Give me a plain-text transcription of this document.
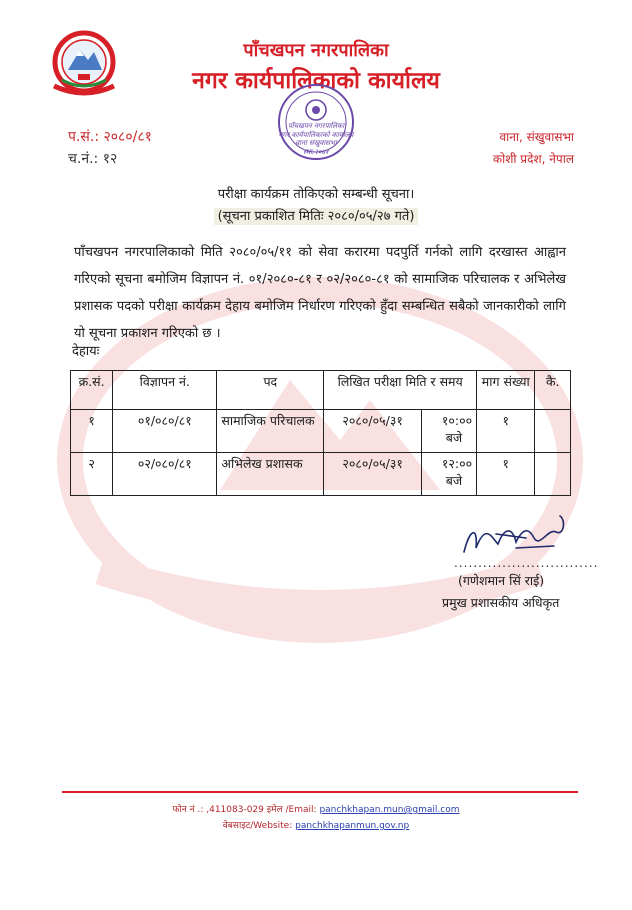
पाँचखपन नगरपालिका
नगर कार्यपालिकाको कार्यालय
पाँचखपन नगरपालिका
नगर कार्यपालिकाको कार्यालय
वाना संखुवासभा
स्था.२०७१
प.सं.: २०८०/८१
च.नं.: १२
वाना, संखुवासभा
कोशी प्रदेश, नेपाल
परीक्षा कार्यक्रम तोकिएको सम्बन्धी सूचना।
(सूचना प्रकाशित मितिः २०८०/०५/२७ गते)
पाँचखपन नगरपालिकाको मिति २०८०/०५/११ को सेवा करारमा पदपुर्ति गर्नको लागि दरखास्त आह्वान गरिएको सूचना बमोजिम विज्ञापन नं. ०१/२०८०-८१ र ०२/२०८०-८१ को सामाजिक परिचालक र अभिलेख प्रशासक पदको परीक्षा कार्यक्रम देहाय बमोजिम निर्धारण गरिएको हुँदा सम्बन्धित सबैको जानकारीको लागि यो सूचना प्रकाशन गरिएको छ ।
देहायः
क्र.सं.	विज्ञापन नं.	पद	लिखित परीक्षा मिति र समय		माग संख्या	कै.
१	०१/०८०/८१	सामाजिक परिचालक	२०८०/०५/३१	१०:००
बजे	१	
२	०२/०८०/८१	अभिलेख प्रशासक	२०८०/०५/३१	१२:००
बजे	१	
..............................
(गणेशमान सिं राई)
प्रमुख प्रशासकीय अधिकृत
फोन नं .: ,411083-029 इमेल /Email: panchkhapan.mun@gmail.com
वेबसाइट/Website: panchkhapanmun.gov.np
